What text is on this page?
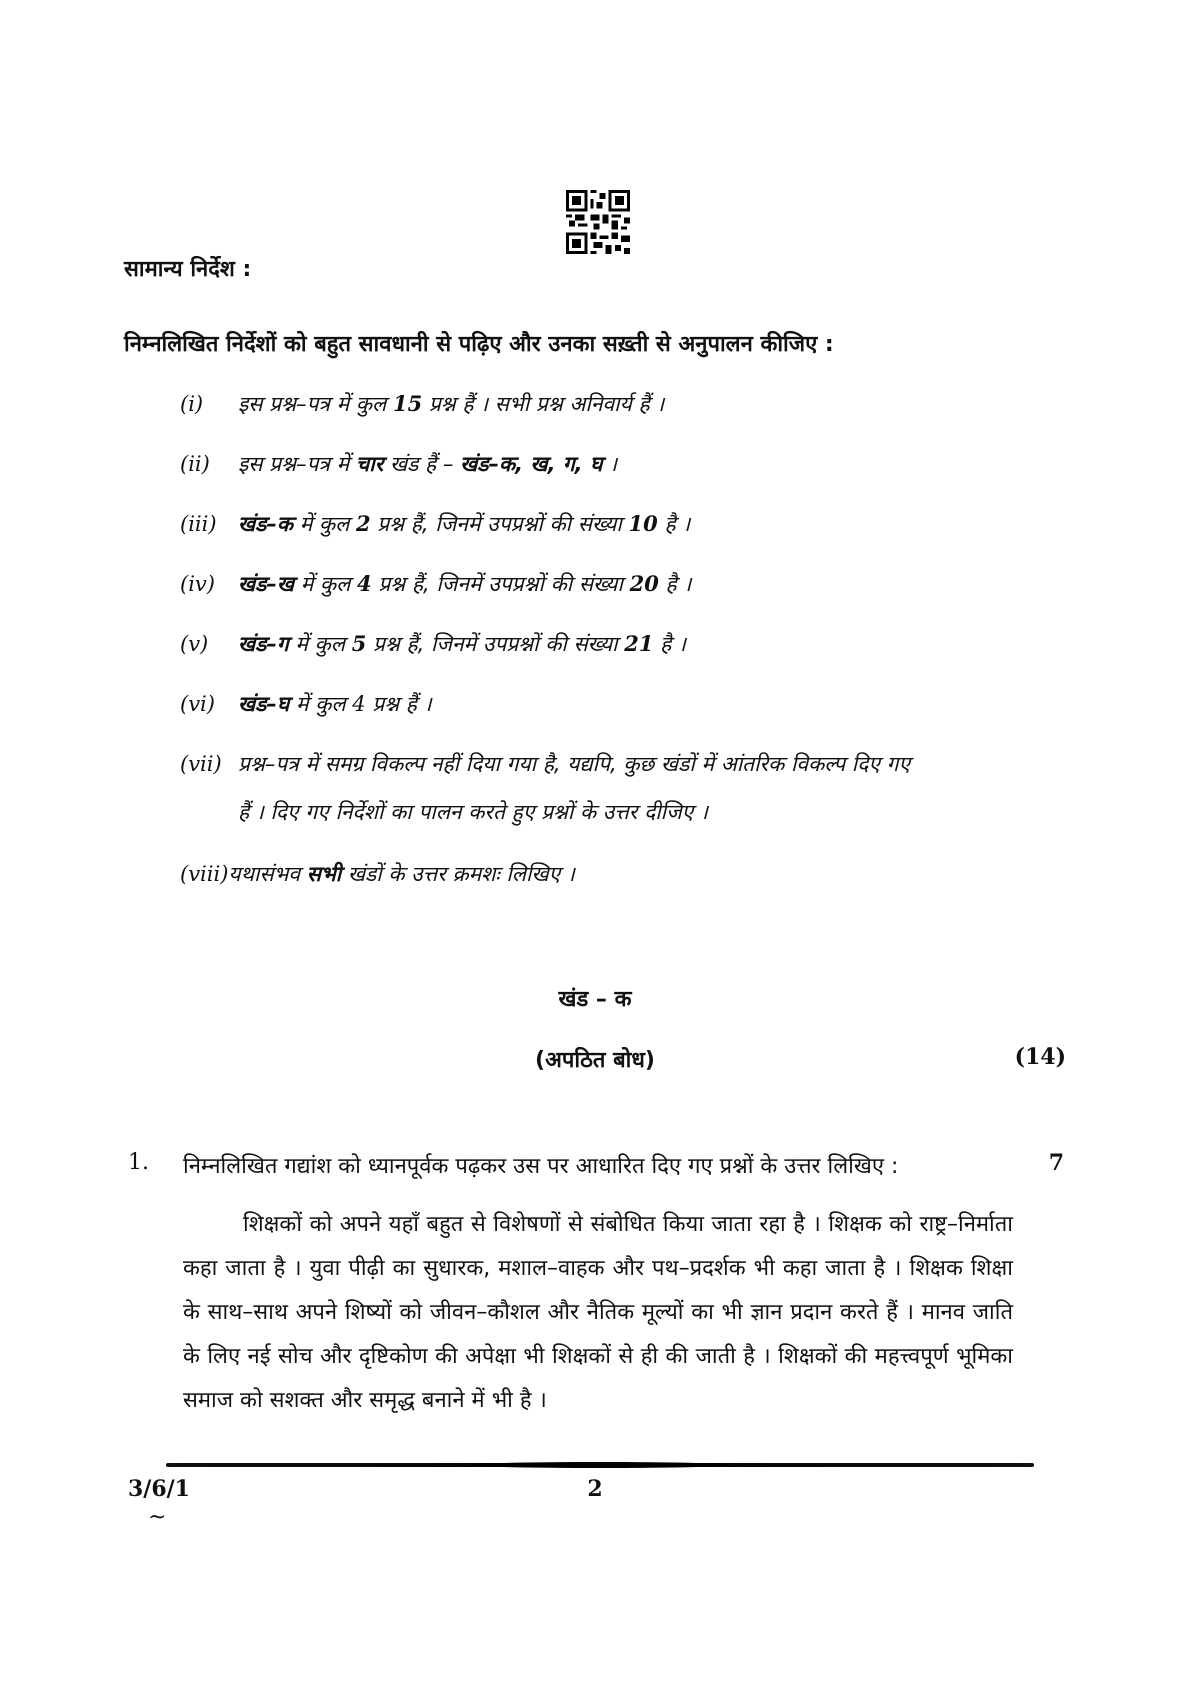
सामान्य निर्देश :
निम्नलिखित निर्देशों को बहुत सावधानी से पढ़िए और उनका सख़्ती से अनुपालन कीजिए :
(i) इस प्रश्न–पत्र में कुल 15 प्रश्न हैं । सभी प्रश्न अनिवार्य हैं ।
(ii) इस प्रश्न–पत्र में चार खंड हैं – खंड–क, ख, ग, घ ।
(iii) खंड–क में कुल 2 प्रश्न हैं, जिनमें उपप्रश्नों की संख्या 10 है ।
(iv) खंड–ख में कुल 4 प्रश्न हैं, जिनमें उपप्रश्नों की संख्या 20 है ।
(v) खंड–ग में कुल 5 प्रश्न हैं, जिनमें उपप्रश्नों की संख्या 21 है ।
(vi) खंड–घ में कुल 4 प्रश्न हैं ।
(vii) प्रश्न–पत्र में समग्र विकल्प नहीं दिया गया है, यद्यपि, कुछ खंडों में आंतरिक विकल्प दिए गए
हैं । दिए गए निर्देशों का पालन करते हुए प्रश्नों के उत्तर दीजिए ।
(viii)यथासंभव सभी खंडों के उत्तर क्रमशः लिखिए ।
खंड – क
(अपठित बोध)	(14)
1. निम्नलिखित गद्यांश को ध्यानपूर्वक पढ़कर उस पर आधारित दिए गए प्रश्नों के उत्तर लिखिए :	7
शिक्षकों को अपने यहाँ बहुत से विशेषणों से संबोधित किया जाता रहा है । शिक्षक को राष्ट्र–निर्माता कहा जाता है । युवा पीढ़ी का सुधारक, मशाल–वाहक और पथ–प्रदर्शक भी कहा जाता है । शिक्षक शिक्षा के साथ–साथ अपने शिष्यों को जीवन–कौशल और नैतिक मूल्यों का भी ज्ञान प्रदान करते हैं । मानव जाति के लिए नई सोच और दृष्टिकोण की अपेक्षा भी शिक्षकों से ही की जाती है । शिक्षकों की महत्त्वपूर्ण भूमिका समाज को सशक्त और समृद्ध बनाने में भी है ।
3/6/1	2
~
